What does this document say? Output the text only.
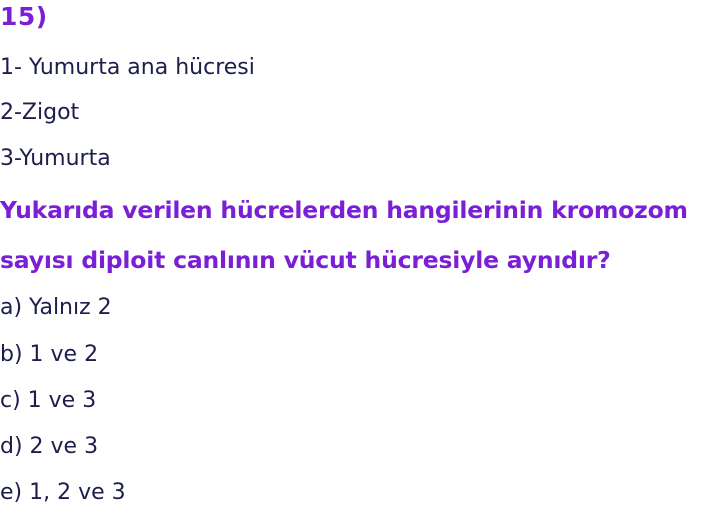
15)
1- Yumurta ana hücresi
2-Zigot
3-Yumurta
Yukarıda verilen hücrelerden hangilerinin kromozom
sayısı diploit canlının vücut hücresiyle aynıdır?
a) Yalnız 2
b) 1 ve 2
c) 1 ve 3
d) 2 ve 3
e) 1, 2 ve 3
